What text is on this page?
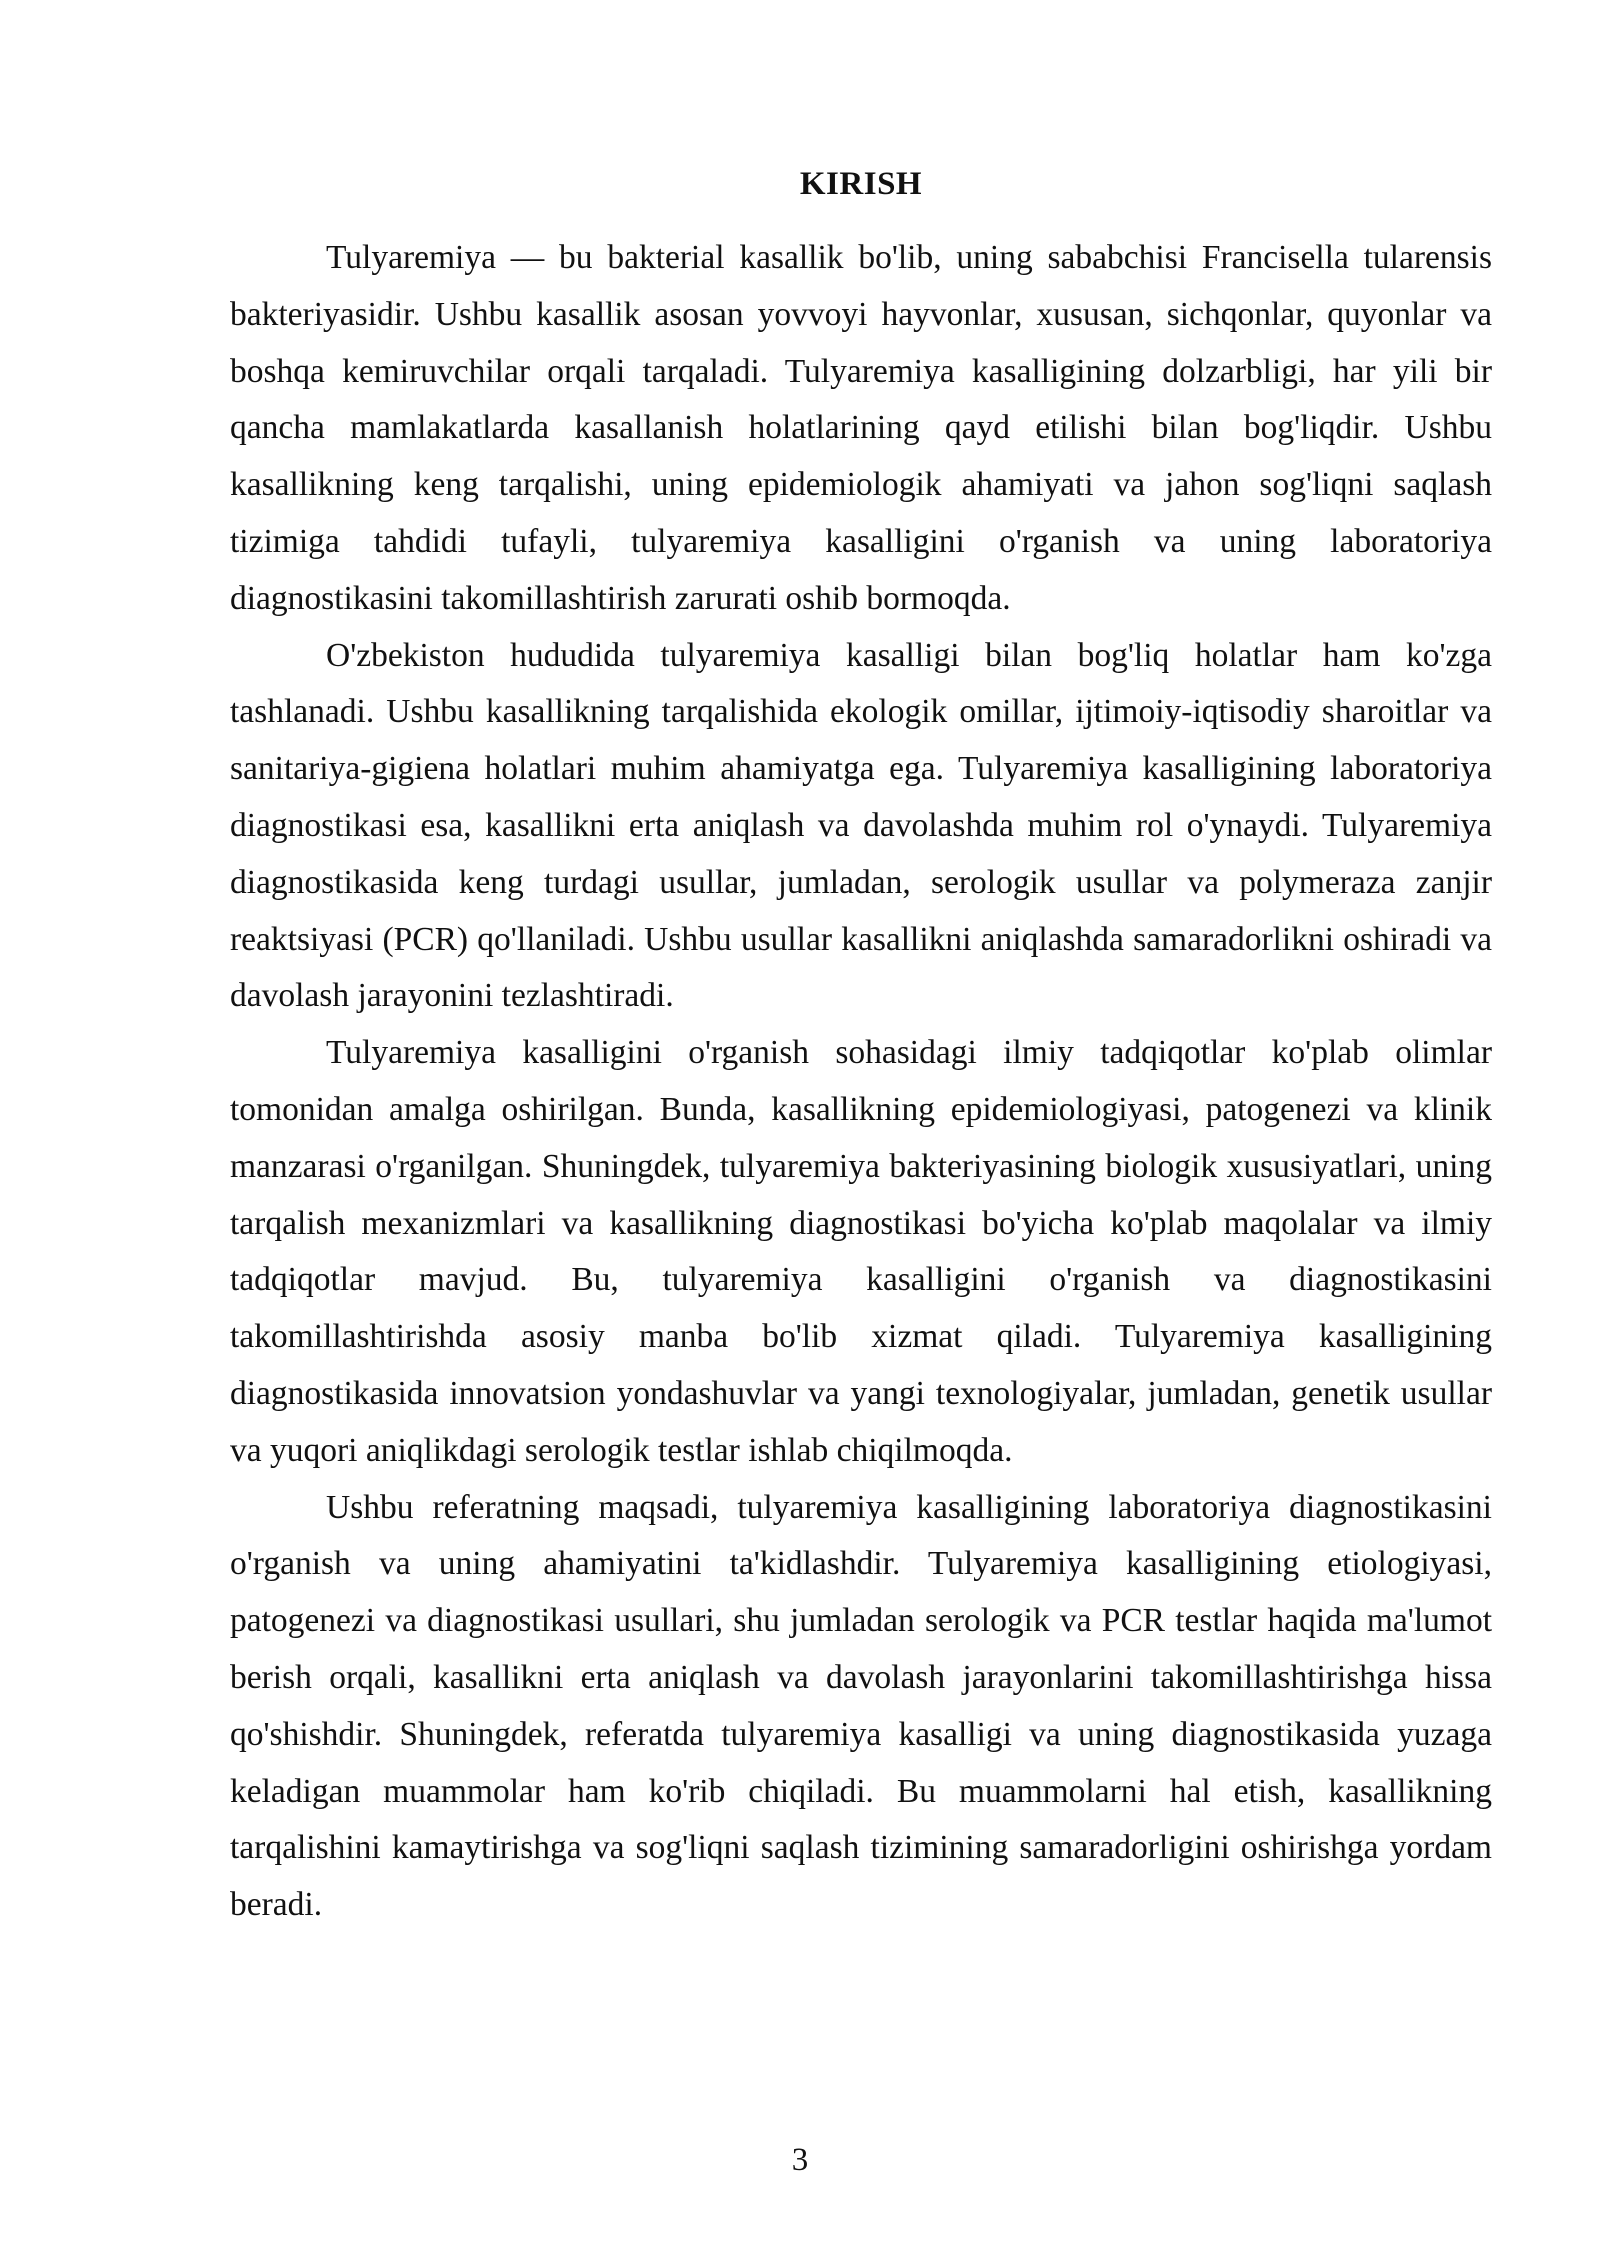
KIRISH

Tulyaremiya — bu bakterial kasallik bo'lib, uning sababchisi Francisella tularensis bakteriyasidir. Ushbu kasallik asosan yovvoyi hayvonlar, xususan, sichqonlar, quyonlar va boshqa kemiruvchilar orqali tarqaladi. Tulyaremiya kasalligining dolzarbligi, har yili bir qancha mamlakatlarda kasallanish holatlarining qayd etilishi bilan bog'liqdir. Ushbu kasallikning keng tarqalishi, uning epidemiologik ahamiyati va jahon sog'liqni saqlash tizimiga tahdidi tufayli, tulyaremiya kasalligini o'rganish va uning laboratoriya diagnostikasini takomillashtirish zarurati oshib bormoqda.

O'zbekiston hududida tulyaremiya kasalligi bilan bog'liq holatlar ham ko'zga tashlanadi. Ushbu kasallikning tarqalishida ekologik omillar, ijtimoiy-iqtisodiy sharoitlar va sanitariya-gigiena holatlari muhim ahamiyatga ega. Tulyaremiya kasalligining laboratoriya diagnostikasi esa, kasallikni erta aniqlash va davolashda muhim rol o'ynaydi. Tulyaremiya diagnostikasida keng turdagi usullar, jumladan, serologik usullar va polymeraza zanjir reaktsiyasi (PCR) qo'llaniladi. Ushbu usullar kasallikni aniqlashda samaradorlikni oshiradi va davolash jarayonini tezlashtiradi.

Tulyaremiya kasalligini o'rganish sohasidagi ilmiy tadqiqotlar ko'plab olimlar tomonidan amalga oshirilgan. Bunda, kasallikning epidemiologiyasi, patogenezi va klinik manzarasi o'rganilgan. Shuningdek, tulyaremiya bakteriyasining biologik xususiyatlari, uning tarqalish mexanizmlari va kasallikning diagnostikasi bo'yicha ko'plab maqolalar va ilmiy tadqiqotlar mavjud. Bu, tulyaremiya kasalligini o'rganish va diagnostikasini takomillashtirishda asosiy manba bo'lib xizmat qiladi. Tulyaremiya kasalligining diagnostikasida innovatsion yondashuvlar va yangi texnologiyalar, jumladan, genetik usullar va yuqori aniqlikdagi serologik testlar ishlab chiqilmoqda.

Ushbu referatning maqsadi, tulyaremiya kasalligining laboratoriya diagnostikasini o'rganish va uning ahamiyatini ta'kidlashdir. Tulyaremiya kasalligining etiologiyasi, patogenezi va diagnostikasi usullari, shu jumladan serologik va PCR testlar haqida ma'lumot berish orqali, kasallikni erta aniqlash va davolash jarayonlarini takomillashtirishga hissa qo'shishdir. Shuningdek, referatda tulyaremiya kasalligi va uning diagnostikasida yuzaga keladigan muammolar ham ko'rib chiqiladi. Bu muammolarni hal etish, kasallikning tarqalishini kamaytirishga va sog'liqni saqlash tizimining samaradorligini oshirishga yordam beradi.

3
